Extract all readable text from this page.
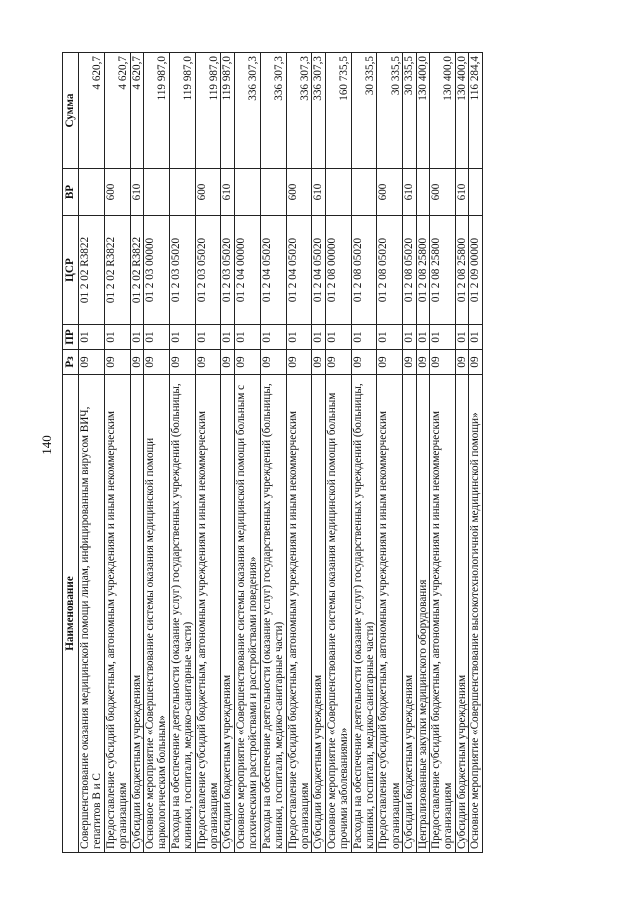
140
Наименование	Рз	ПР	ЦСР	ВР	Сумма
Совершенствование оказания медицинской помощи лицам, инфицированным вирусом ВИЧ, гепатитов В и С	09	01	01 2 02 R3822		4 620,7
Предоставление субсидий бюджетным, автономным учреждениям и иным некоммерческим организациям	09	01	01 2 02 R3822	600	4 620,7
Субсидии бюджетным учреждениям	09	01	01 2 02 R3822	610	4 620,7
Основное мероприятие «Совершенствование системы оказания медицинской помощи наркологическим больным»	09	01	01 2 03 00000		119 987,0
Расходы на обеспечение деятельности (оказание услуг) государственных учреждений (больницы, клиники, госпитали, медико-санитарные части)	09	01	01 2 03 05020		119 987,0
Предоставление субсидий бюджетным, автономным учреждениям и иным некоммерческим организациям	09	01	01 2 03 05020	600	119 987,0
Субсидии бюджетным учреждениям	09	01	01 2 03 05020	610	119 987,0
Основное мероприятие «Совершенствование системы оказания медицинской помощи больным с психическими расстройствами и расстройствами поведения»	09	01	01 2 04 00000		336 307,3
Расходы на обеспечение деятельности (оказание услуг) государственных учреждений (больницы, клиники, госпитали, медико-санитарные части)	09	01	01 2 04 05020		336 307,3
Предоставление субсидий бюджетным, автономным учреждениям и иным некоммерческим организациям	09	01	01 2 04 05020	600	336 307,3
Субсидии бюджетным учреждениям	09	01	01 2 04 05020	610	336 307,3
Основное мероприятие «Совершенствование системы оказания медицинской помощи больным прочими заболеваниями»	09	01	01 2 08 00000		160 735,5
Расходы на обеспечение деятельности (оказание услуг) государственных учреждений (больницы, клиники, госпитали, медико-санитарные части)	09	01	01 2 08 05020		30 335,5
Предоставление субсидий бюджетным, автономным учреждениям и иным некоммерческим организациям	09	01	01 2 08 05020	600	30 335,5
Субсидии бюджетным учреждениям	09	01	01 2 08 05020	610	30 335,5
Централизованные закупки медицинского оборудования	09	01	01 2 08 25800		130 400,0
Предоставление субсидий бюджетным, автономным учреждениям и иным некоммерческим организациям	09	01	01 2 08 25800	600	130 400,0
Субсидии бюджетным учреждениям	09	01	01 2 08 25800	610	130 400,0
Основное мероприятие «Совершенствование высокотехнологичной медицинской помощи»	09	01	01 2 09 00000		116 284,4
